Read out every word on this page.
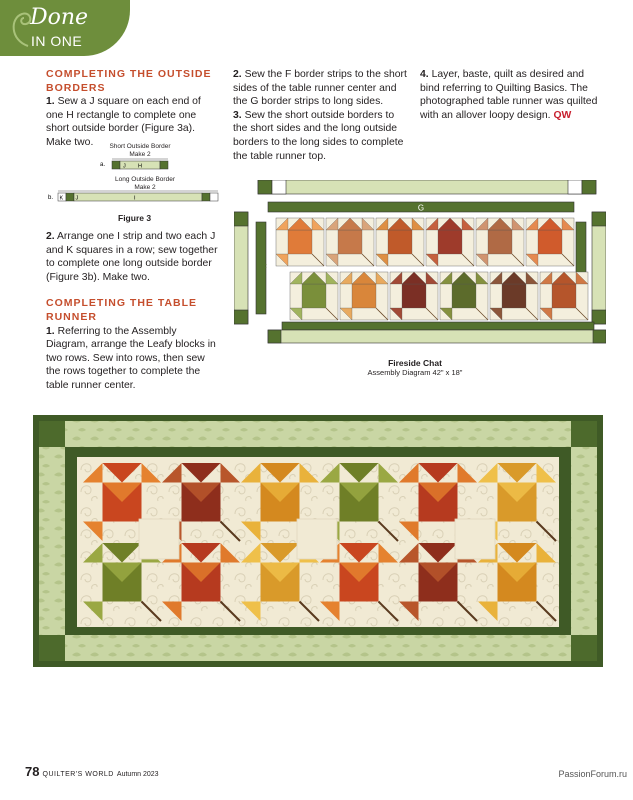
Done
IN ONE

COMPLETING THE OUTSIDE BORDERS

1. Sew a J square on each end of one H rectangle to complete one short outside border (Figure 3a). Make two.	Short Outside Border
Make 2
a.	J H
Long Outside Border
Make 2
b. K J	I
Figure 3

2. Arrange one I strip and two each J and K squares in a row; sew together to complete one long outside border (Figure 3b). Make two.

COMPLETING THE TABLE RUNNER

1. Referring to the Assembly Diagram, arrange the Leafy blocks in two rows. Sew into rows, then sew the rows together to complete the table runner center.

2. Sew the F border strips to the short sides of the table runner center and the G border strips to long sides.

3. Sew the short outside borders to the short sides and the long outside borders to the long sides to complete the table runner top.

4. Layer, baste, quilt as desired and bind referring to Quilting Basics. The photographed table runner was quilted with an allover loopy design. QW

G
F
Fireside Chat
Assembly Diagram 42" x 18"
78 QUILTER'S WORLD Autumn 2023	PassionForum.ru
